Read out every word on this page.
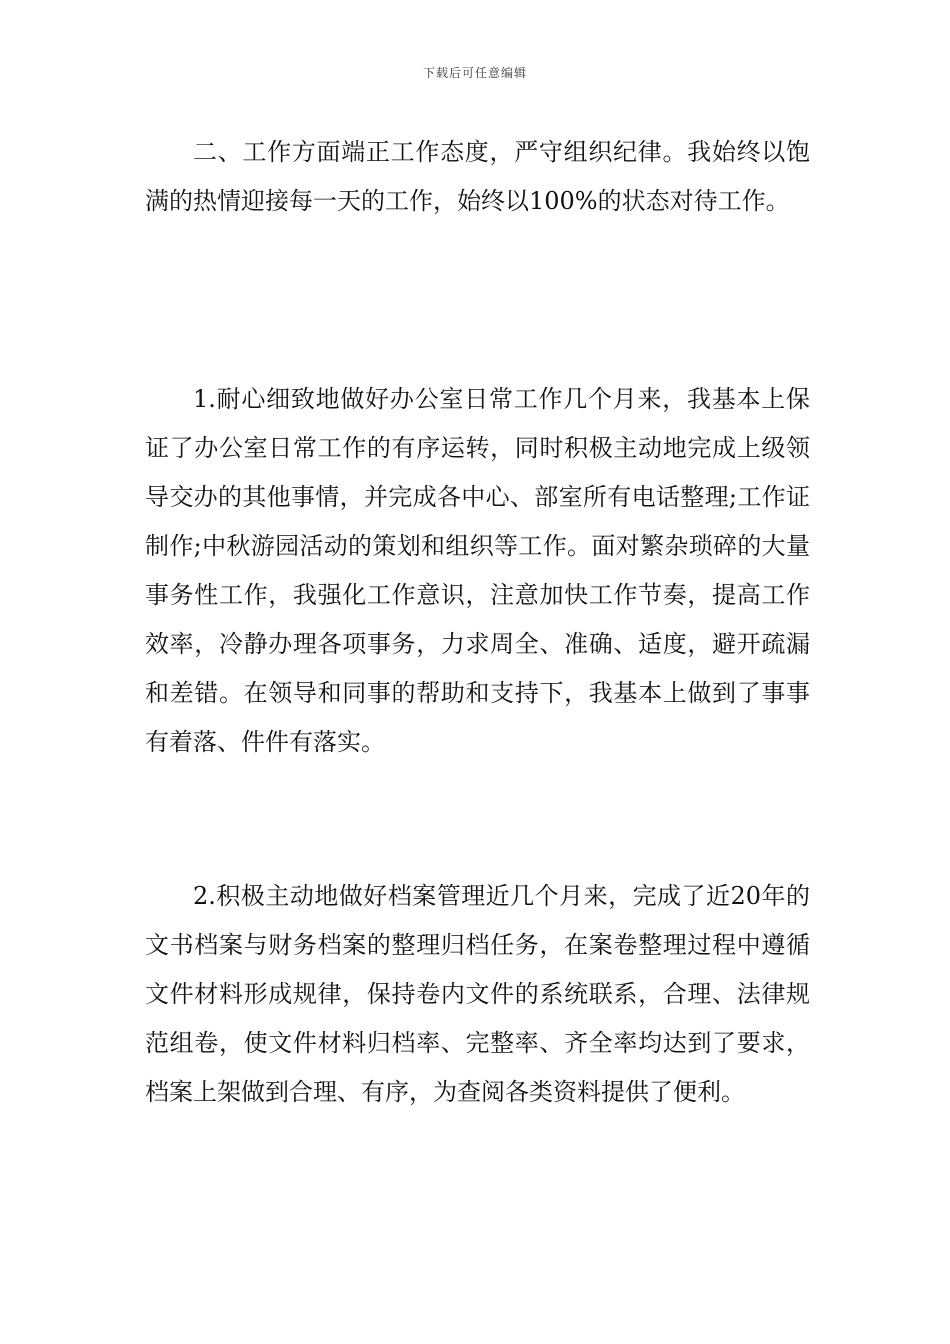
下载后可任意编辑

二、工作方面端正工作态度，严守组织纪律。我始终以饱满的热情迎接每一天的工作，始终以100%的状态对待工作。

1.耐心细致地做好办公室日常工作几个月来，我基本上保证了办公室日常工作的有序运转，同时积极主动地完成上级领导交办的其他事情，并完成各中心、部室所有电话整理;工作证制作;中秋游园活动的策划和组织等工作。面对繁杂琐碎的大量事务性工作，我强化工作意识，注意加快工作节奏，提高工作效率，冷静办理各项事务，力求周全、准确、适度，避开疏漏和差错。在领导和同事的帮助和支持下，我基本上做到了事事有着落、件件有落实。

2.积极主动地做好档案管理近几个月来，完成了近20年的文书档案与财务档案的整理归档任务，在案卷整理过程中遵循文件材料形成规律，保持卷内文件的系统联系，合理、法律规范组卷，使文件材料归档率、完整率、齐全率均达到了要求，档案上架做到合理、有序，为查阅各类资料提供了便利。
